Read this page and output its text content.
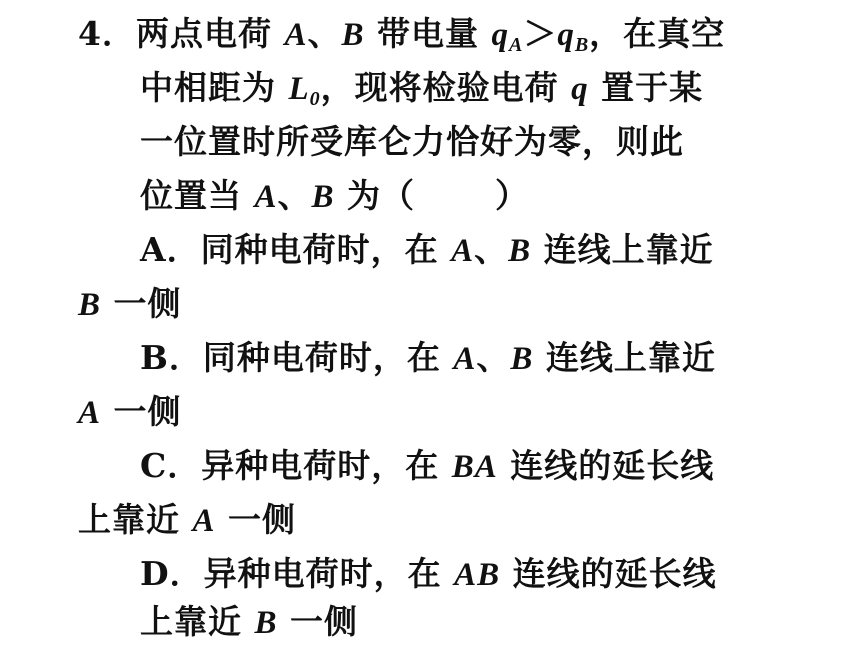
4．两点电荷 A、B 带电量 $q_A>q_B$，在真空
中相距为 $L_0$，现将检验电荷 q 置于某
一位置时所受库仑力恰好为零，则此
位置当 A、B 为（ ）
A．同种电荷时，在 A、B 连线上靠近
B 一侧
B．同种电荷时，在 A、B 连线上靠近
A 一侧
C．异种电荷时，在 BA 连线的延长线
上靠近 A 一侧
D．异种电荷时，在 AB 连线的延长线
上靠近 B 一侧
